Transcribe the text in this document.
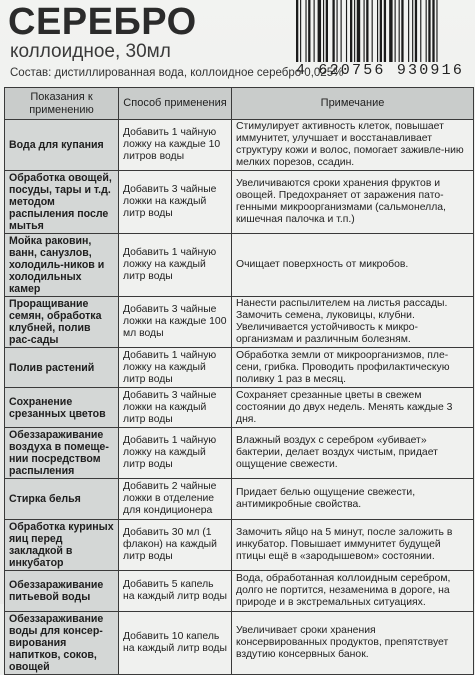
СЕРЕБРО
коллоидное, 30мл
Состав: дистиллированная вода, коллоидное серебро 0,025%
4 620756 930916
Показания к применению	Способ применения	Примечание
Вода для купания	Добавить 1 чайную ложку на каждые 10 литров воды	Стимулирует активность клеток, повышает иммунитет, улучшает и восстанавливает структуру кожи и волос, помогает заживле-нию мелких порезов, ссадин.
Обработка овощей, посуды, тары и т.д. методом распыления после мытья	Добавить 3 чайные ложки на каждый литр воды	Увеличиваются сроки хранения фруктов и овощей. Предохраняет от заражения пато-генными микроорганизмами (сальмонелла, кишечная палочка и т.п.)
Мойка раковин, ванн, санузлов, холодиль-ников и холодильных камер	Добавить 1 чайную ложку на каждый литр воды	Очищает поверхность от микробов.
Проращивание семян, обработка клубней, полив рас-сады	Добавить 3 чайные ложки на каждые 100 мл воды	Нанести распылителем на листья рассады. Замочить семена, луковицы, клубни. Увеличивается устойчивость к микро-организмам и различным болезням.
Полив растений	Добавить 1 чайную ложку на каждый литр воды	Обработка земли от микроорганизмов, пле-сени, грибка. Проводить профилактическую поливку 1 раз в месяц.
Сохранение срезанных цветов	Добавить 3 чайные ложки на каждый литр воды	Сохраняет срезанные цветы в свежем состоянии до двух недель. Менять каждые 3 дня.
Обеззараживание воздуха в помеще-нии посредством распыления	Добавить 1 чайную ложку на каждый литр воды	Влажный воздух с серебром «убивает» бактерии, делает воздух чистым, придает ощущение свежести.
Стирка белья	Добавить 2 чайные ложки в отделение для кондиционера	Придает белью ощущение свежести, антимикробные свойства.
Обработка куриных яиц перед закладкой в инкубатор	Добавить 30 мл (1 флакон) на каждый литр воды	Замочить яйцо на 5 минут, после заложить в инкубатор. Повышает иммунитет будущей птицы ещё в «зародышевом» состоянии.
Обеззараживание питьевой воды	Добавить 5 капель на каждый литр воды	Вода, обработанная коллоидным серебром, долго не портится, незаменима в дороге, на природе и в экстремальных ситуациях.
Обеззараживание воды для консер-вирования напитков, соков, овощей	Добавить 10 капель на каждый литр воды	Увеличивает сроки хранения консервированных продуктов, препятствует вздутию консервных банок.
